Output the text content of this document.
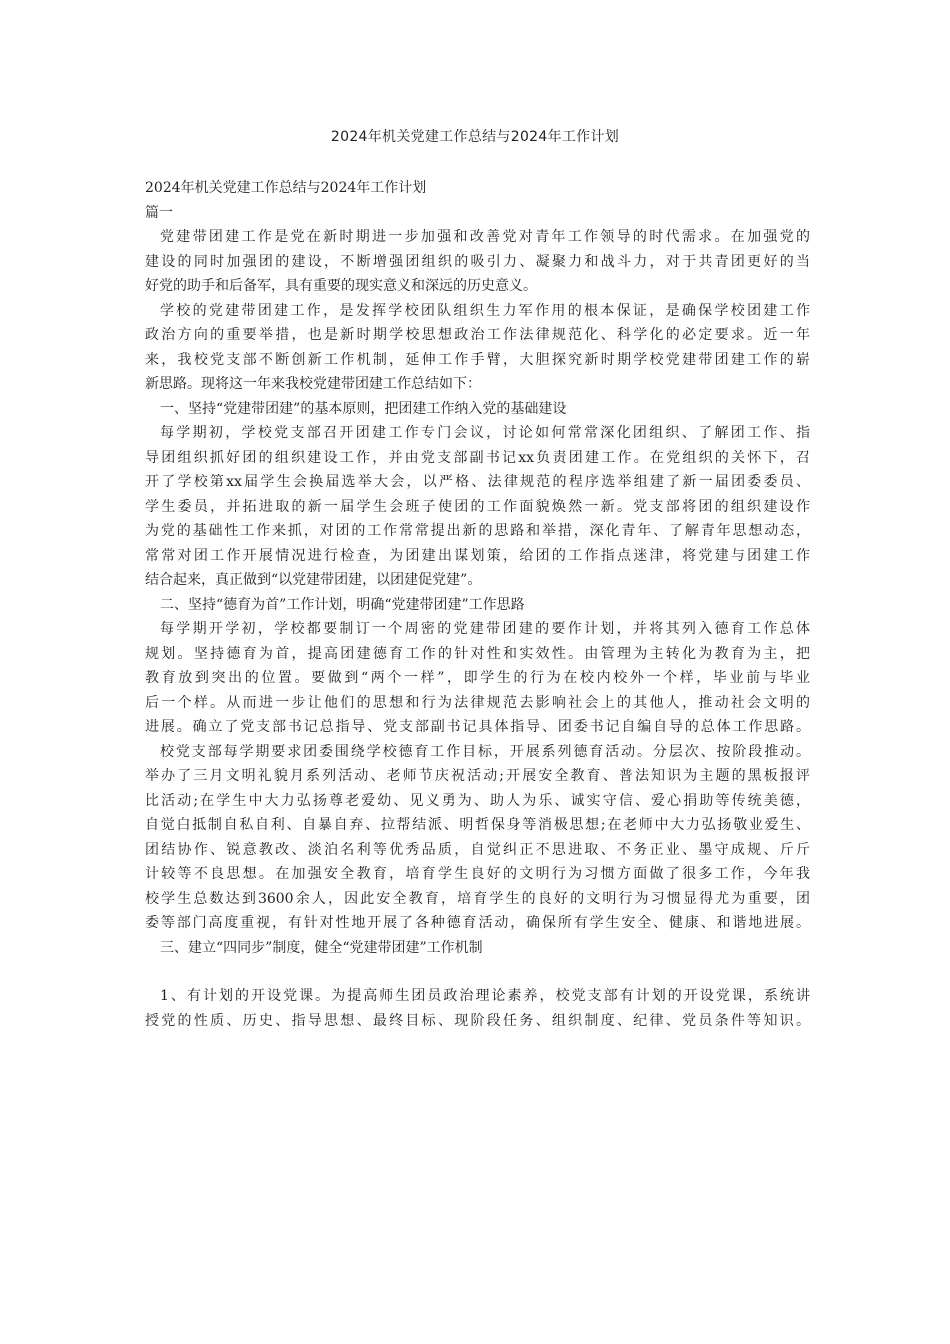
2024年机关党建工作总结与2024年工作计划
2024年机关党建工作总结与2024年工作计划
篇一
党建带团建工作是党在新时期进一步加强和改善党对青年工作领导的时代需求。在加强党的
建设的同时加强团的建设，不断增强团组织的吸引力、凝聚力和战斗力，对于共青团更好的当
好党的助手和后备军，具有重要的现实意义和深远的历史意义。
学校的党建带团建工作，是发挥学校团队组织生力军作用的根本保证，是确保学校团建工作
政治方向的重要举措，也是新时期学校思想政治工作法律规范化、科学化的必定要求。近一年
来，我校党支部不断创新工作机制，延伸工作手臂，大胆探究新时期学校党建带团建工作的崭
新思路。现将这一年来我校党建带团建工作总结如下：
一、坚持“党建带团建”的基本原则，把团建工作纳入党的基础建设
每学期初，学校党支部召开团建工作专门会议，讨论如何常常深化团组织、了解团工作、指
导团组织抓好团的组织建设工作，并由党支部副书记xx负责团建工作。在党组织的关怀下，召
开了学校第xx届学生会换届选举大会，以严格、法律规范的程序选举组建了新一届团委委员、
学生委员，并拓进取的新一届学生会班子使团的工作面貌焕然一新。党支部将团的组织建设作
为党的基础性工作来抓，对团的工作常常提出新的思路和举措，深化青年、了解青年思想动态，
常常对团工作开展情况进行检查，为团建出谋划策，给团的工作指点迷津，将党建与团建工作
结合起来，真正做到“以党建带团建，以团建促党建”。
二、坚持“德育为首”工作计划，明确“党建带团建”工作思路
每学期开学初，学校都要制订一个周密的党建带团建的要作计划，并将其列入德育工作总体
规划。坚持德育为首，提高团建德育工作的针对性和实效性。由管理为主转化为教育为主，把
教育放到突出的位置。要做到“两个一样”，即学生的行为在校内校外一个样，毕业前与毕业
后一个样。从而进一步让他们的思想和行为法律规范去影响社会上的其他人，推动社会文明的
进展。确立了党支部书记总指导、党支部副书记具体指导、团委书记自编自导的总体工作思路。
校党支部每学期要求团委围绕学校德育工作目标，开展系列德育活动。分层次、按阶段推动。
举办了三月文明礼貌月系列活动、老师节庆祝活动;开展安全教育、普法知识为主题的黑板报评
比活动;在学生中大力弘扬尊老爱幼、见义勇为、助人为乐、诚实守信、爱心捐助等传统美德，
自觉白抵制自私自利、自暴自弃、拉帮结派、明哲保身等消极思想;在老师中大力弘扬敬业爱生、
团结协作、锐意教改、淡泊名利等优秀品质，自觉纠正不思进取、不务正业、墨守成规、斤斤
计较等不良思想。在加强安全教育，培育学生良好的文明行为习惯方面做了很多工作，今年我
校学生总数达到3600余人，因此安全教育，培育学生的良好的文明行为习惯显得尤为重要，团
委等部门高度重视，有针对性地开展了各种德育活动，确保所有学生安全、健康、和谐地进展。
三、建立“四同步”制度，健全“党建带团建”工作机制
1、有计划的开设党课。为提高师生团员政治理论素养，校党支部有计划的开设党课，系统讲
授党的性质、历史、指导思想、最终目标、现阶段任务、组织制度、纪律、党员条件等知识。
